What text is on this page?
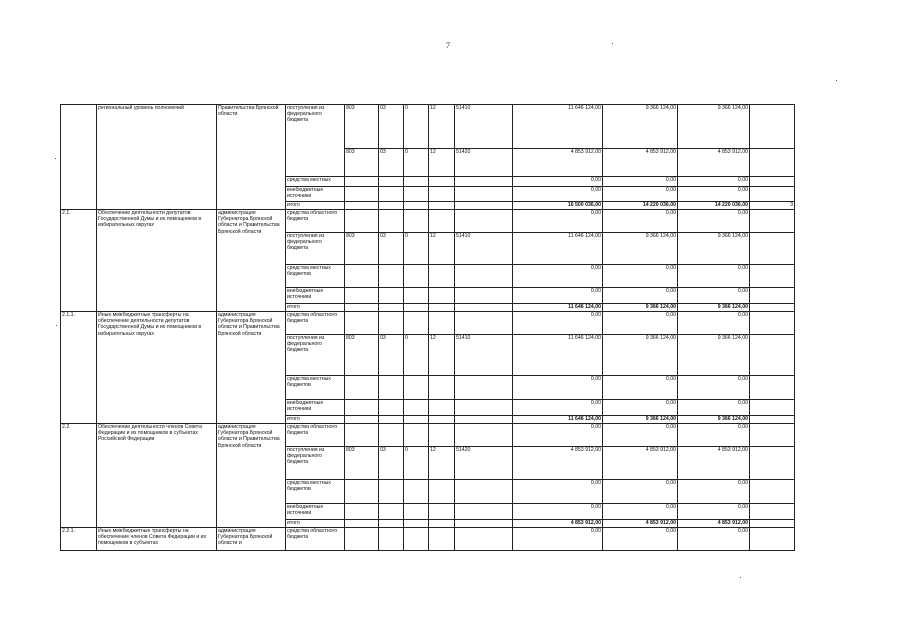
7
	региональный уровень полномочий	Правительства Брянской области	поступления из федерального бюджета	803	03	0	12	51410	11 646 124,00	9 366 124,00	9 366 124,00	
				803	03	0	12	51420	4 853 912,00	4 853 912,00	4 853 912,00	
			средства местных						0,00	0,00	0,00	
			внебюджетные источники						0,00	0,00	0,00	
			итого						16 500 036,00	14 220 036,00	14 220 036,00	3
2.1.	Обеспечение деятельности депутатов Государственной Думы и их помощников в избирательных округах	администрация Губернатора Брянской области и Правительства Брянской области	средства областного бюджета						0,00	0,00	0,00	
			поступления из федерального бюджета	803	03	0	12	51410	11 646 124,00	9 366 124,00	9 366 124,00	
			средства местных бюджетов						0,00	0,00	0,00	
			внебюджетные источники						0,00	0,00	0,00	
			итого						11 646 124,00	9 366 124,00	9 366 124,00	
2.1.1.	Иные межбюджетные трансферты на обеспечение деятельности депутатов Государственной Думы и их помощников в избирательных округах	администрация Губернатора Брянской области и Правительства Брянской области	средства областного бюджета						0,00	0,00	0,00	
			поступления из федерального бюджета	803	03	0	12	51410	11 646 124,00	9 366 124,00	9 366 124,00	
			средства местных бюджетов						0,00	0,00	0,00	
			внебюджетные источники						0,00	0,00	0,00	
			итого						11 646 124,00	9 366 124,00	9 366 124,00	
2.2.	Обеспечение деятельности членов Совета Федерации и их помощников в субъектах Российской Федерации	администрация Губернатора Брянской области и Правительства Брянской области	средства областного бюджета						0,00	0,00	0,00	
			поступления из федерального бюджета	803	03	0	12	51420	4 853 912,00	4 853 912,00	4 853 912,00	
			средства местных бюджетов						0,00	0,00	0,00	
			внебюджетные источники						0,00	0,00	0,00	
			итого						4 853 912,00	4 853 912,00	4 853 912,00	
2.2.1.	Иные межбюджетные трансферты на обеспечение членов Совета Федерации и их помощников в субъектах	администрация Губернатора Брянской области и	средства областного бюджета						0,00	0,00	0,00	
